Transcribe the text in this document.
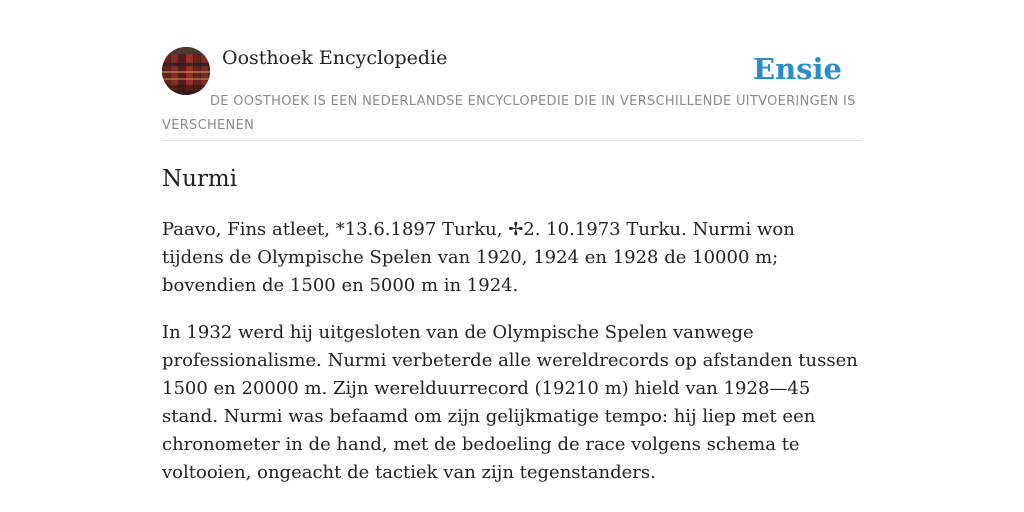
Oosthoek Encyclopedie	Ensie
DE OOSTHOEK IS EEN NEDERLANDSE ENCYCLOPEDIE DIE IN VERSCHILLENDE UITVOERINGEN IS VERSCHENEN
Nurmi

Paavo, Fins atleet, *13.6.1897 Turku, ✢2. 10.1973 Turku. Nurmi won tijdens de Olympische Spelen van 1920, 1924 en 1928 de 10000 m; bovendien de 1500 en 5000 m in 1924.

In 1932 werd hij uitgesloten van de Olympische Spelen vanwege professionalisme. Nurmi verbeterde alle wereldrecords op afstanden tussen 1500 en 20000 m. Zijn werelduurrecord (19210 m) hield van 1928—45 stand. Nurmi was befaamd om zijn gelijkmatige tempo: hij liep met een chronometer in de hand, met de bedoeling de race volgens schema te voltooien, ongeacht de tactiek van zijn tegenstanders.
